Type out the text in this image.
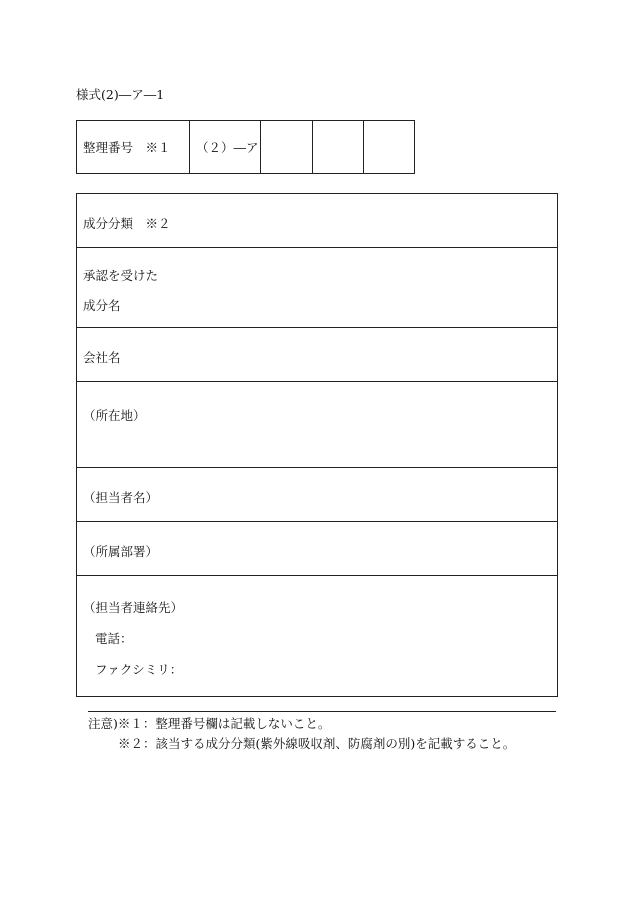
様式(2)―ア―1
整理番号　※１	（２）―ア			
成分分類　※２
承認を受けた
成分名
会社名
（所在地）
（担当者名）
（所属部署）
（担当者連絡先）
電話：
ファクシミリ：
注意)※１：整理番号欄は記載しないこと。
※２：該当する成分分類(紫外線吸収剤、防腐剤の別)を記載すること。
